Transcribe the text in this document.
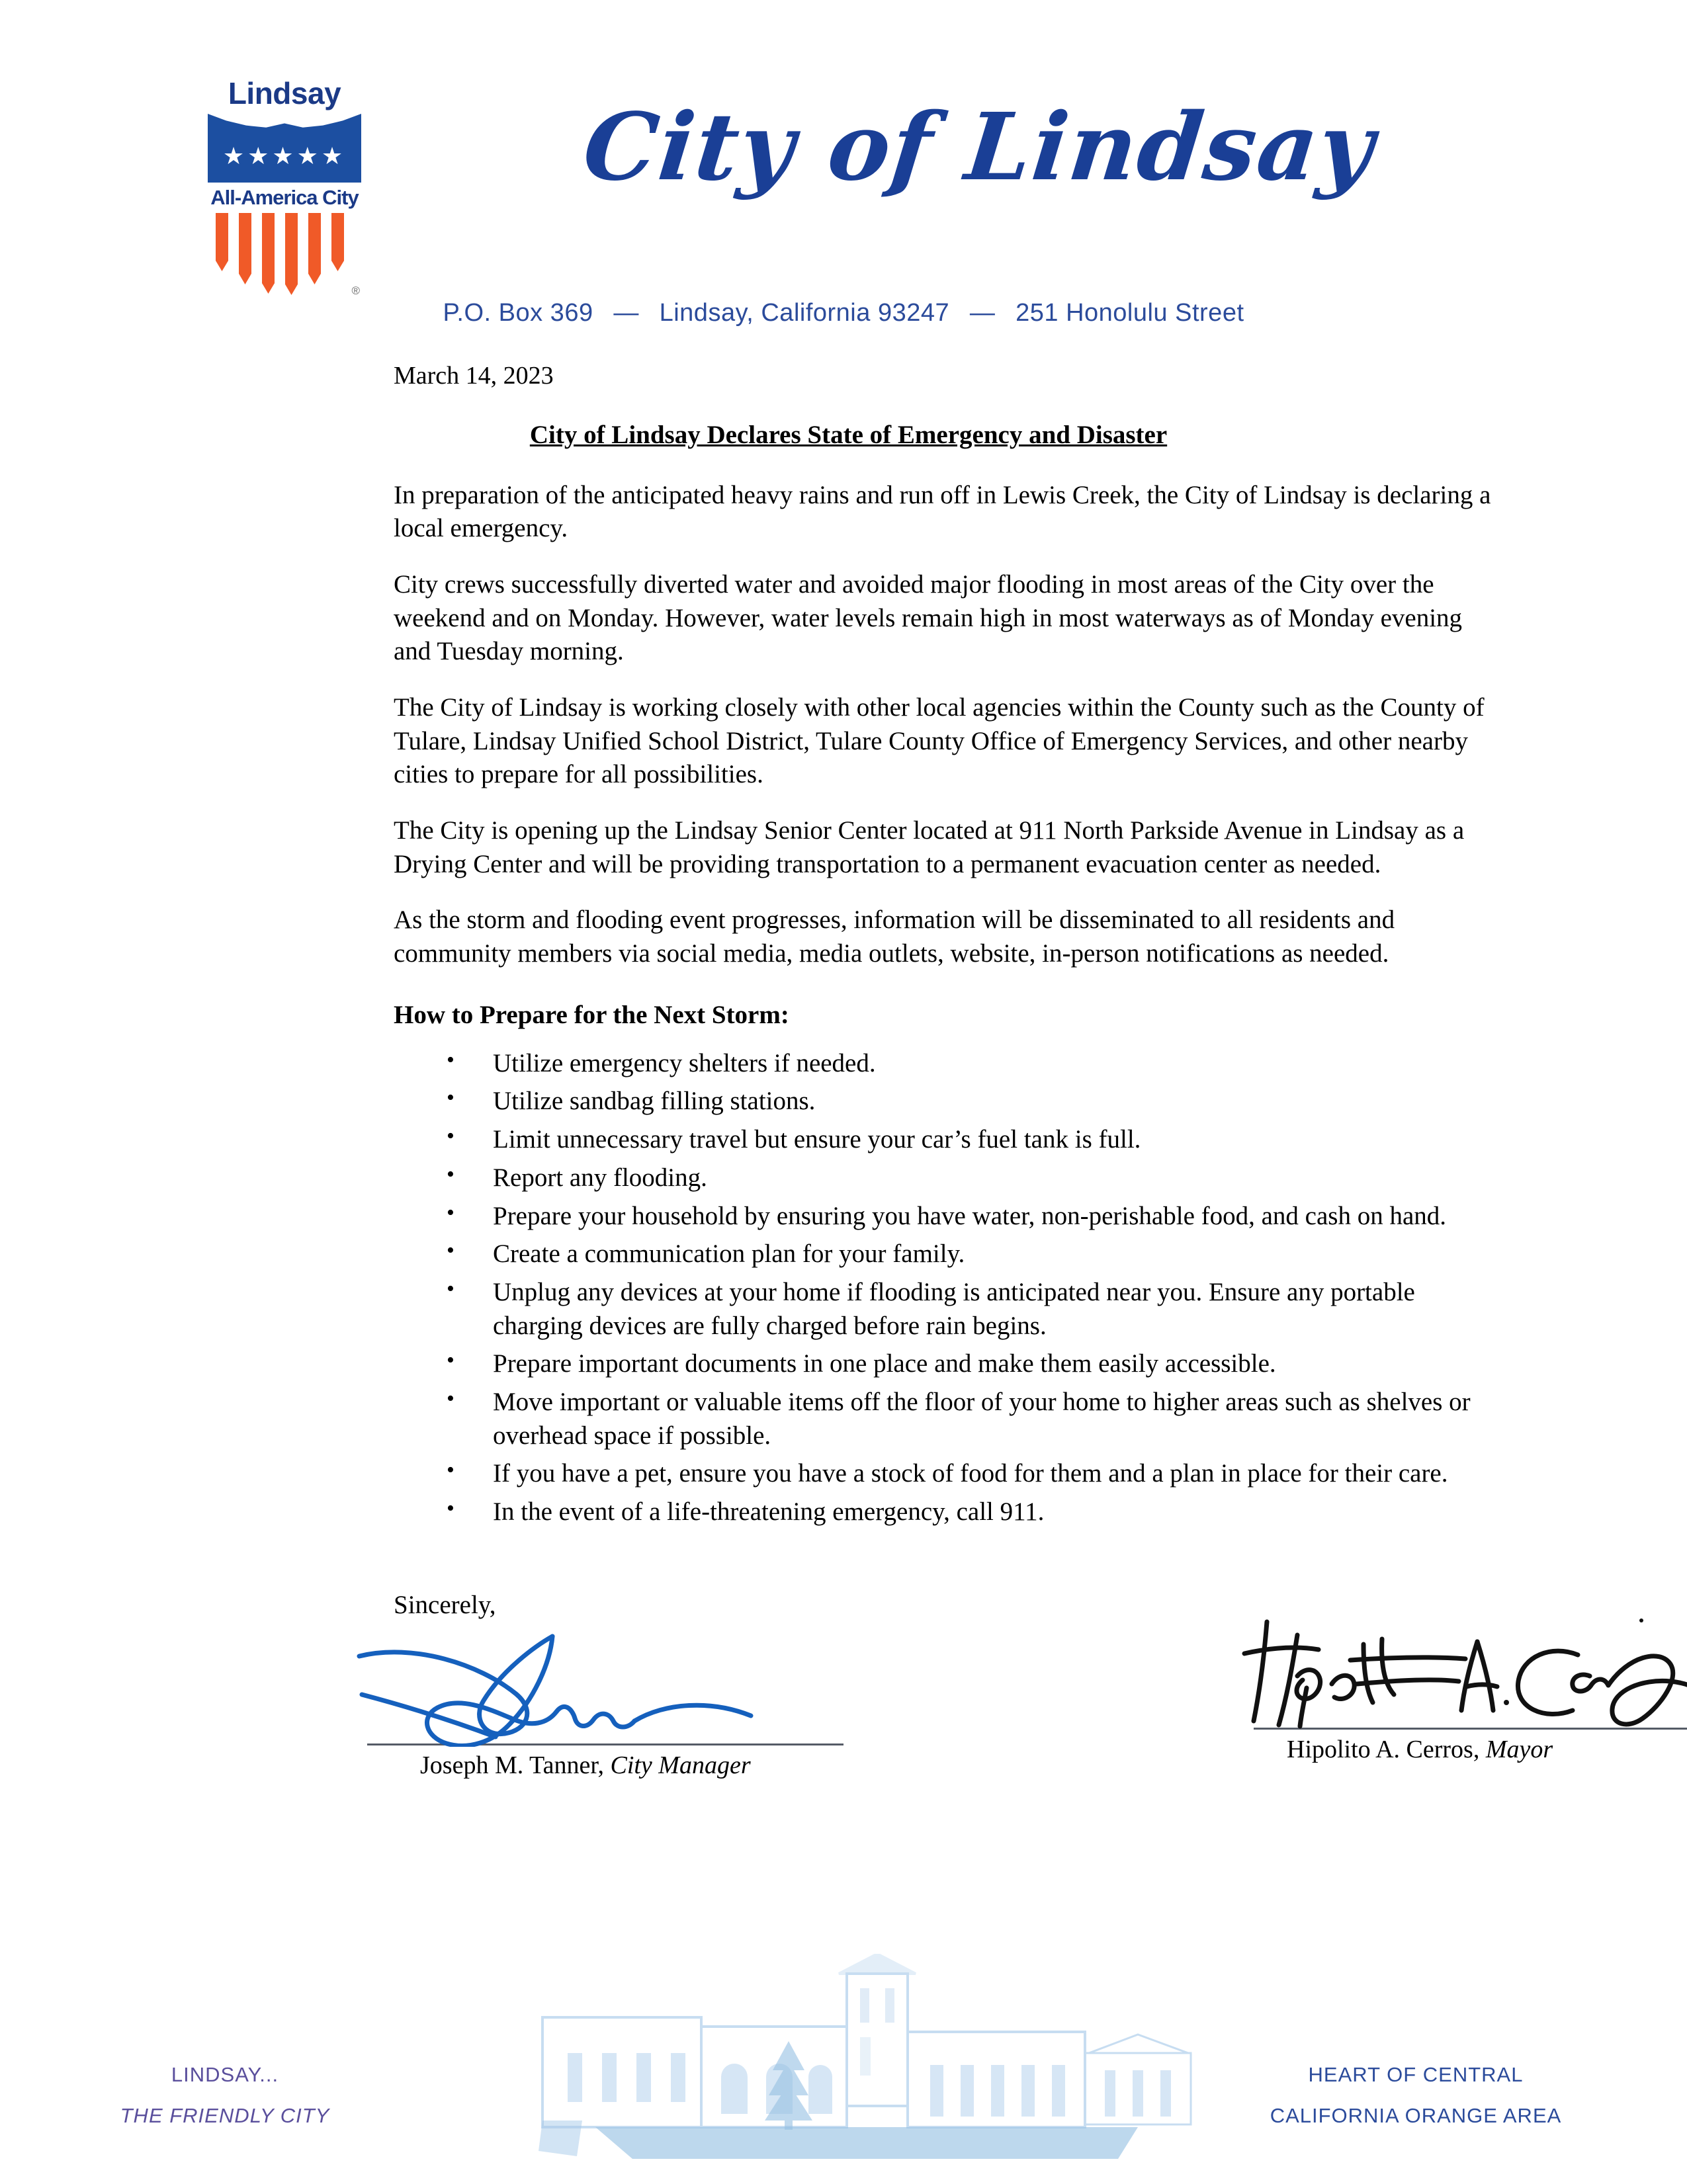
Lindsay
★★★★★
All-America City
®
City of Lindsay
P.O. Box 369 — Lindsay, California 93247 — 251 Honolulu Street
March 14, 2023
City of Lindsay Declares State of Emergency and Disaster

In preparation of the anticipated heavy rains and run off in Lewis Creek, the City of Lindsay is declaring a local emergency.

City crews successfully diverted water and avoided major flooding in most areas of the City over the weekend and on Monday. However, water levels remain high in most waterways as of Monday evening and Tuesday morning.

The City of Lindsay is working closely with other local agencies within the County such as the County of Tulare, Lindsay Unified School District, Tulare County Office of Emergency Services, and other nearby cities to prepare for all possibilities.

The City is opening up the Lindsay Senior Center located at 911 North Parkside Avenue in Lindsay as a Drying Center and will be providing transportation to a permanent evacuation center as needed.

As the storm and flooding event progresses, information will be disseminated to all residents and community members via social media, media outlets, website, in-person notifications as needed.

How to Prepare for the Next Storm:
• Utilize emergency shelters if needed.
• Utilize sandbag filling stations.
• Limit unnecessary travel but ensure your car’s fuel tank is full.
• Report any flooding.
• Prepare your household by ensuring you have water, non-perishable food, and cash on hand.
• Create a communication plan for your family.
• Unplug any devices at your home if flooding is anticipated near you. Ensure any portable charging devices are fully charged before rain begins.
• Prepare important documents in one place and make them easily accessible.
• Move important or valuable items off the floor of your home to higher areas such as shelves or overhead space if possible.
• If you have a pet, ensure you have a stock of food for them and a plan in place for their care.
• In the event of a life-threatening emergency, call 911.
Sincerely,
Joseph M. Tanner, City Manager
Hipolito A. Cerros, Mayor
LINDSAY...
THE FRIENDLY CITY
HEART OF CENTRAL
CALIFORNIA ORANGE AREA
